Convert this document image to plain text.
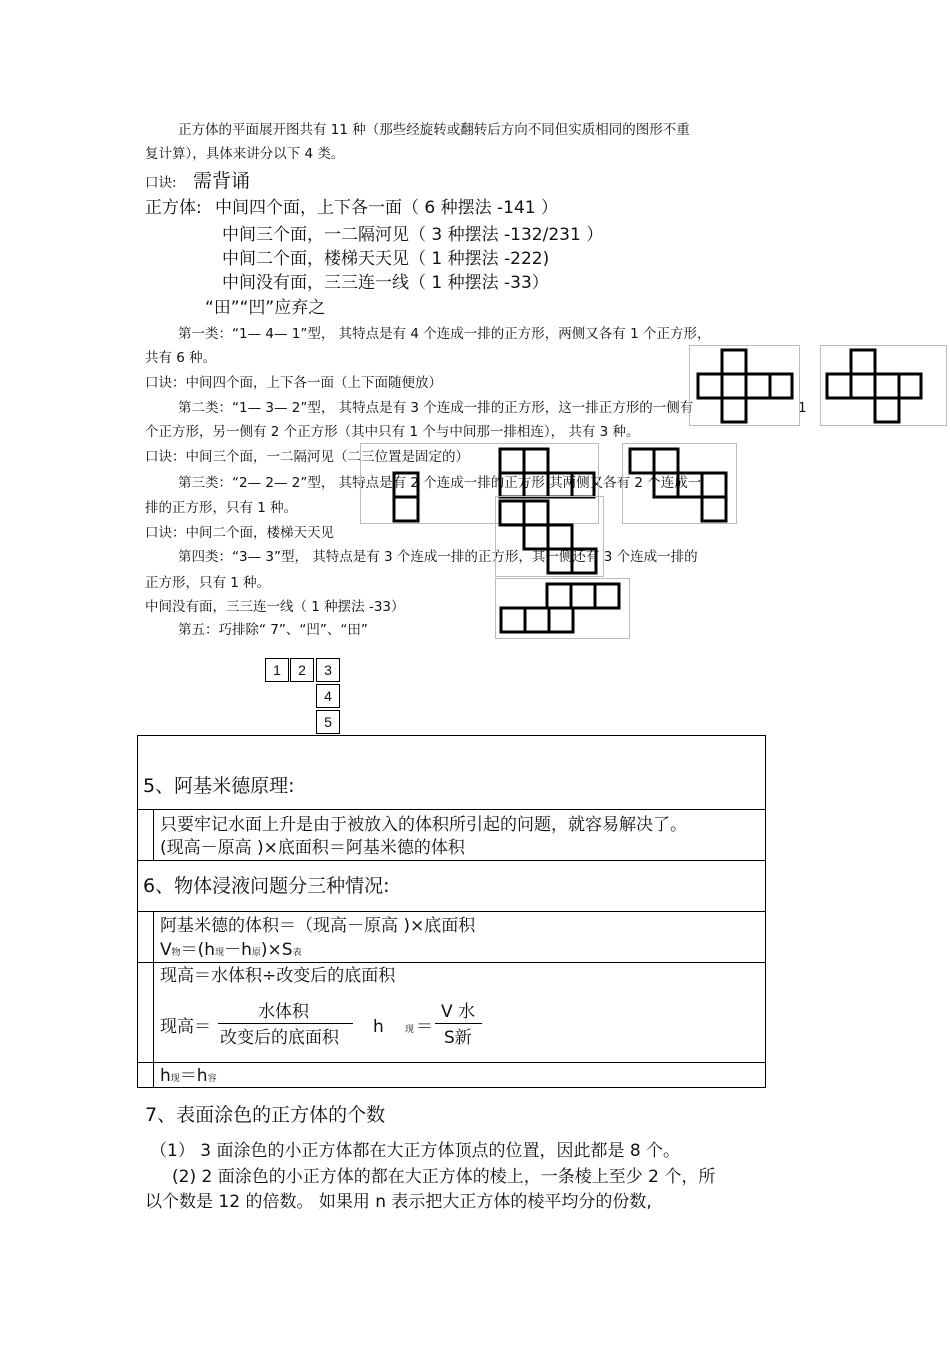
正方体的平面展开图共有 11 种（那些经旋转或翻转后方向不同但实质相同的图形不重
复计算），具体来讲分以下 4 类。
口诀: 需背诵
正方体: 中间四个面，上下各一面（ 6 种摆法 -141 ）
中间三个面，一二隔河见（ 3 种摆法 -132/231 ）
中间二个面，楼梯天天见（ 1 种摆法 -222)
中间没有面，三三连一线（ 1 种摆法 -33）
“田”“凹”应弃之
第一类：“1— 4— 1”型， 其特点是有 4 个连成一排的正方形，两侧又各有 1 个正方形，
共有 6 种。
口诀：中间四个面，上下各一面（上下面随便放）
第二类：“1— 3— 2”型， 其特点是有 3 个连成一排的正方形，这一排正方形的一侧有	1
个正方形，另一侧有 2 个正方形（其中只有 1 个与中间那一排相连）， 共有 3 种。
口诀：中间三个面，一二隔河见（二三位置是固定的）
第三类：“2— 2— 2”型， 其特点是有 2 个连成一排的正方形 其两侧又各有 2 个连成一
排的正方形，只有 1 种。
口诀：中间二个面，楼梯天天见
第四类：“3— 3”型， 其特点是有 3 个连成一排的正方形，其一侧还有 3 个连成一排的
正方形，只有 1 种。
中间没有面，三三连一线（ 1 种摆法 -33）
第五：巧排除“ 7”、“凹”、“田”
1	2	3
4
5
5、阿基米德原理:
只要牢记水面上升是由于被放入的体积所引起的问题，就容易解决了。
(现高－原高 )×底面积＝阿基米德的体积
6、物体浸液问题分三种情况:
阿基米德的体积＝（现高－原高 )×底面积
V物＝(h现－h原)×S表
现高＝水体积÷改变后的底面积
现高＝
水体积
改变后的底面积
h 现 ＝
V 水
S新
h现＝h容
7、表面涂色的正方体的个数
（1） 3 面涂色的小正方体都在大正方体顶点的位置，因此都是 8 个。
(2) 2 面涂色的小正方体的都在大正方体的棱上，一条棱上至少 2 个，所
以个数是 12 的倍数。 如果用 n 表示把大正方体的棱平均分的份数,
